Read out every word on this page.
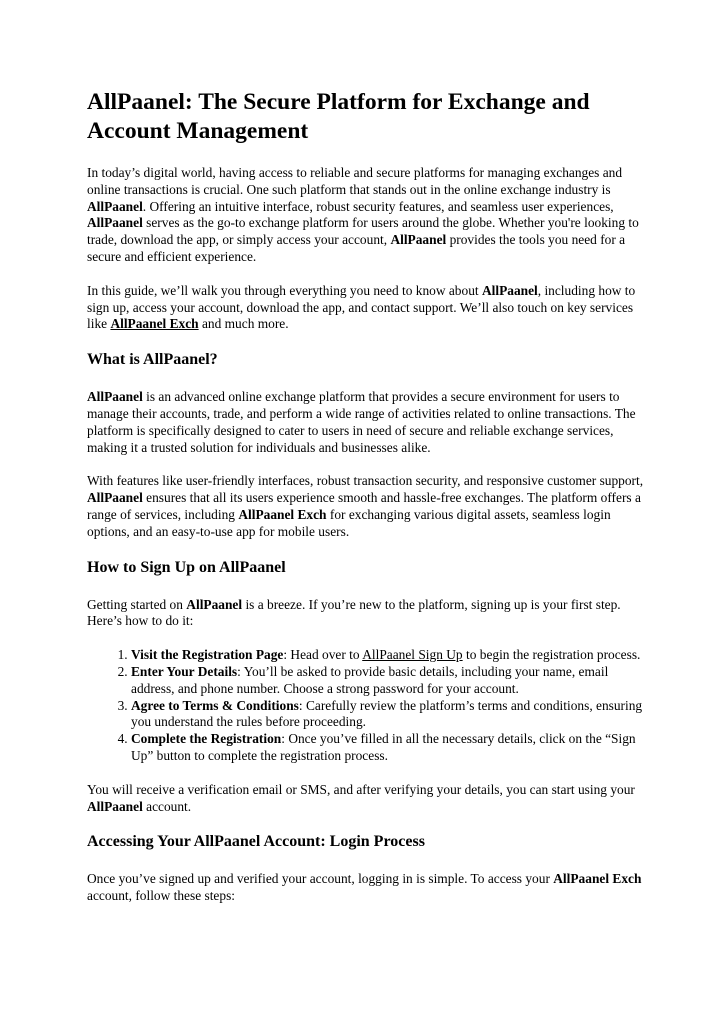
AllPaanel: The Secure Platform for Exchange and Account Management

In today’s digital world, having access to reliable and secure platforms for managing exchanges and online transactions is crucial. One such platform that stands out in the online exchange industry is AllPaanel. Offering an intuitive interface, robust security features, and seamless user experiences, AllPaanel serves as the go-to exchange platform for users around the globe. Whether you're looking to trade, download the app, or simply access your account, AllPaanel provides the tools you need for a secure and efficient experience.

In this guide, we’ll walk you through everything you need to know about AllPaanel, including how to sign up, access your account, download the app, and contact support. We’ll also touch on key services like AllPaanel Exch and much more.

What is AllPaanel?

AllPaanel is an advanced online exchange platform that provides a secure environment for users to manage their accounts, trade, and perform a wide range of activities related to online transactions. The platform is specifically designed to cater to users in need of secure and reliable exchange services, making it a trusted solution for individuals and businesses alike.

With features like user-friendly interfaces, robust transaction security, and responsive customer support, AllPaanel ensures that all its users experience smooth and hassle-free exchanges. The platform offers a range of services, including AllPaanel Exch for exchanging various digital assets, seamless login options, and an easy-to-use app for mobile users.

How to Sign Up on AllPaanel

Getting started on AllPaanel is a breeze. If you’re new to the platform, signing up is your first step. Here’s how to do it:

1. Visit the Registration Page: Head over to AllPaanel Sign Up to begin the registration process.
2. Enter Your Details: You’ll be asked to provide basic details, including your name, email address, and phone number. Choose a strong password for your account.
3. Agree to Terms & Conditions: Carefully review the platform’s terms and conditions, ensuring you understand the rules before proceeding.
4. Complete the Registration: Once you’ve filled in all the necessary details, click on the “Sign Up” button to complete the registration process.

You will receive a verification email or SMS, and after verifying your details, you can start using your AllPaanel account.

Accessing Your AllPaanel Account: Login Process

Once you’ve signed up and verified your account, logging in is simple. To access your AllPaanel Exch account, follow these steps:
